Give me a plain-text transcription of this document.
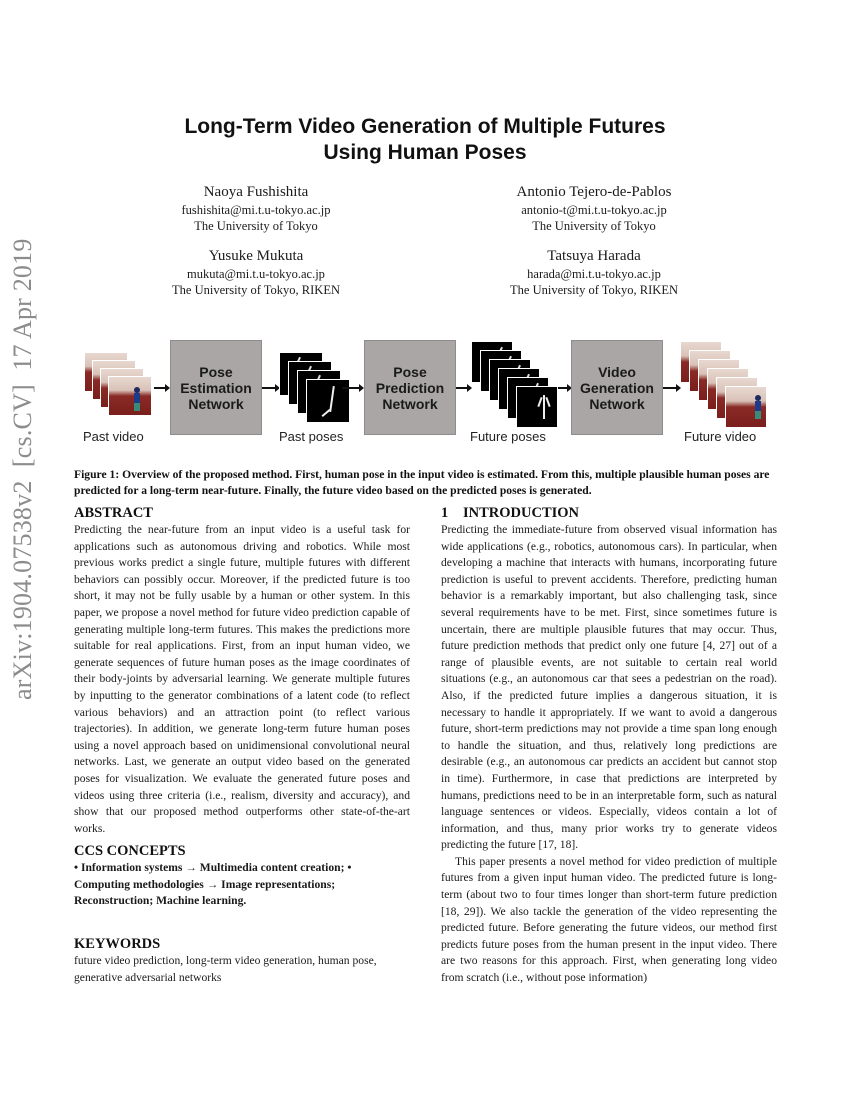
arXiv:1904.07538v2  [cs.CV]  17 Apr 2019
Long-Term Video Generation of Multiple Futures
Using Human Poses
Naoya Fushishita
fushishita@mi.t.u-tokyo.ac.jp
The University of Tokyo
Antonio Tejero-de-Pablos
antonio-t@mi.t.u-tokyo.ac.jp
The University of Tokyo
Yusuke Mukuta
mukuta@mi.t.u-tokyo.ac.jp
The University of Tokyo, RIKEN
Tatsuya Harada
harada@mi.t.u-tokyo.ac.jp
The University of Tokyo, RIKEN
Pose
Estimation
Network
Pose
Prediction
Network
Video
Generation
Network
Past video	Past poses	Future poses	Future video
Figure 1: Overview of the proposed method. First, human pose in the input video is estimated. From this, multiple plausible human poses are predicted for a long-term near-future. Finally, the future video based on the predicted poses is generated.
ABSTRACT

Predicting the near-future from an input video is a useful task for applications such as autonomous driving and robotics. While most previous works predict a single future, multiple futures with different behaviors can possibly occur. Moreover, if the predicted future is too short, it may not be fully usable by a human or other system. In this paper, we propose a novel method for future video prediction capable of generating multiple long-term futures. This makes the predictions more suitable for real applications. First, from an input human video, we generate sequences of future human poses as the image coordinates of their body-joints by adversarial learning. We generate multiple futures by inputting to the generator combinations of a latent code (to reflect various behaviors) and an attraction point (to reflect various trajectories). In addition, we generate long-term future human poses using a novel approach based on unidimensional convolutional neural networks. Last, we generate an output video based on the generated poses for visualization. We evaluate the generated future poses and videos using three criteria (i.e., realism, diversity and accuracy), and show that our proposed method outperforms other state-of-the-art works.

CCS CONCEPTS

• Information systems → Multimedia content creation; • Computing methodologies → Image representations; Reconstruction; Machine learning.

KEYWORDS

future video prediction, long-term video generation, human pose, generative adversarial networks

1 INTRODUCTION

Predicting the immediate-future from observed visual information has wide applications (e.g., robotics, autonomous cars). In particular, when developing a machine that interacts with humans, incorporating future prediction is useful to prevent accidents. Therefore, predicting human behavior is a remarkably important, but also challenging task, since several requirements have to be met. First, since sometimes future is uncertain, there are multiple plausible futures that may occur. Thus, future prediction methods that predict only one future [4, 27] out of a range of plausible events, are not suitable to certain real world situations (e.g., an autonomous car that sees a pedestrian on the road). Also, if the predicted future implies a dangerous situation, it is necessary to handle it appropriately. If we want to avoid a dangerous future, short-term predictions may not provide a time span long enough to handle the situation, and thus, relatively long predictions are desirable (e.g., an autonomous car predicts an accident but cannot stop in time). Furthermore, in case that predictions are interpreted by humans, predictions need to be in an interpretable form, such as natural language sentences or videos. Especially, videos contain a lot of information, and thus, many prior works try to generate videos predicting the future [17, 18].

This paper presents a novel method for video prediction of multiple futures from a given input human video. The predicted future is long-term (about two to four times longer than short-term future prediction [18, 29]). We also tackle the generation of the video representing the predicted future. Before generating the future videos, our method first predicts future poses from the human present in the input video. There are two reasons for this approach. First, when generating long video from scratch (i.e., without pose information)
